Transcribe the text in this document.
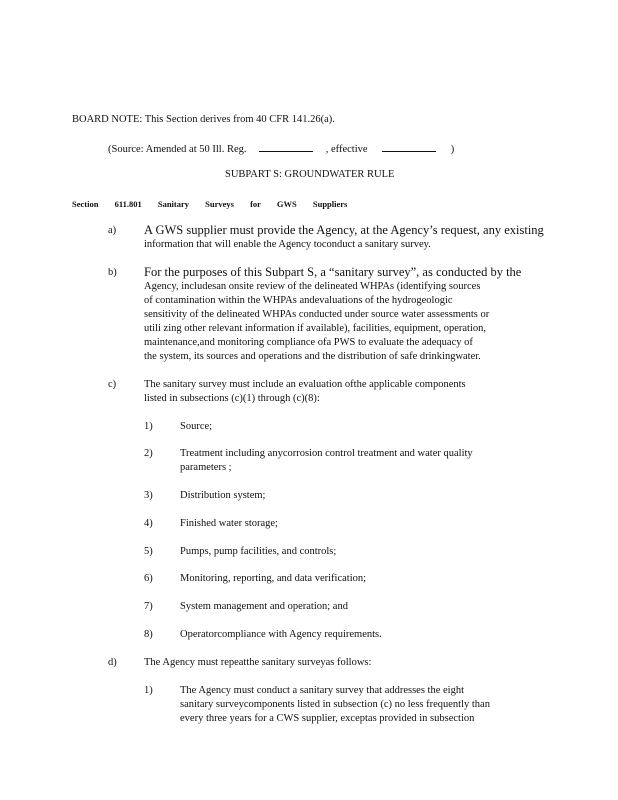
BOARD NOTE: This Section derives from 40 CFR 141.26(a).
(Source: Amended at 50 Ill. Reg.	, effective	)
SUBPART S: GROUNDWATER RULE
Section 611.801 Sanitary Surveys for GWS Suppliers
a) A GWS supplier must provide the Agency, at the Agency’s request, any existing
information that will enable the Agency toconduct a sanitary survey.
b) For the purposes of this Subpart S, a “sanitary survey”, as conducted by the
Agency, includesan onsite review of the delineated WHPAs (identifying sources
of contamination within the WHPAs andevaluations of the hydrogeologic
sensitivity of the delineated WHPAs conducted under source water assessments or
utili zing other relevant information if available), facilities, equipment, operation,
maintenance,and monitoring compliance ofa PWS to evaluate the adequacy of
the system, its sources and operations and the distribution of safe drinkingwater.
c)	The sanitary survey must include an evaluation ofthe applicable components
listed in subsections (c)(1) through (c)(8):
1)	Source;
2)	Treatment including anycorrosion control treatment and water quality
parameters ;
3)	Distribution system;
4)	Finished water storage;
5)	Pumps, pump facilities, and controls;
6)	Monitoring, reporting, and data verification;
7)	System management and operation; and
8)	Operatorcompliance with Agency requirements.
d)	The Agency must repeatthe sanitary surveyas follows:
1)	The Agency must conduct a sanitary survey that addresses the eight
sanitary surveycomponents listed in subsection (c) no less frequently than
every three years for a CWS supplier, exceptas provided in subsection
